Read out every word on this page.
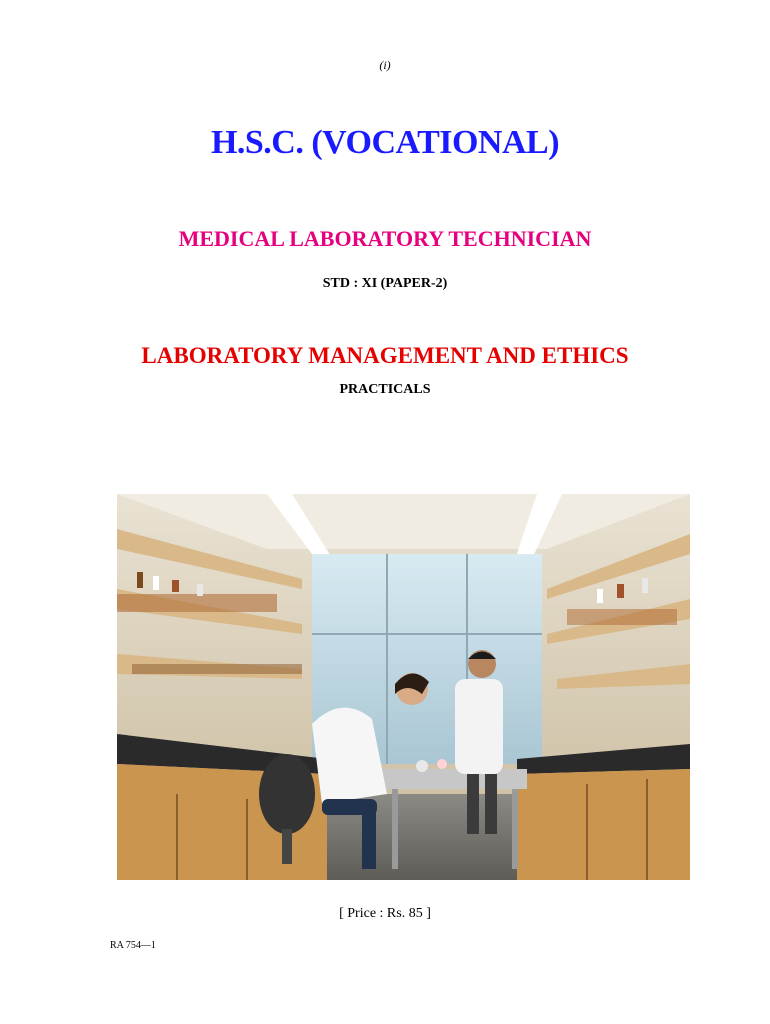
(i)
H.S.C. (VOCATIONAL)
MEDICAL LABORATORY TECHNICIAN
STD : XI (PAPER-2)
LABORATORY MANAGEMENT AND ETHICS
PRACTICALS
[ Price : Rs. 85 ]
RA 754—1
